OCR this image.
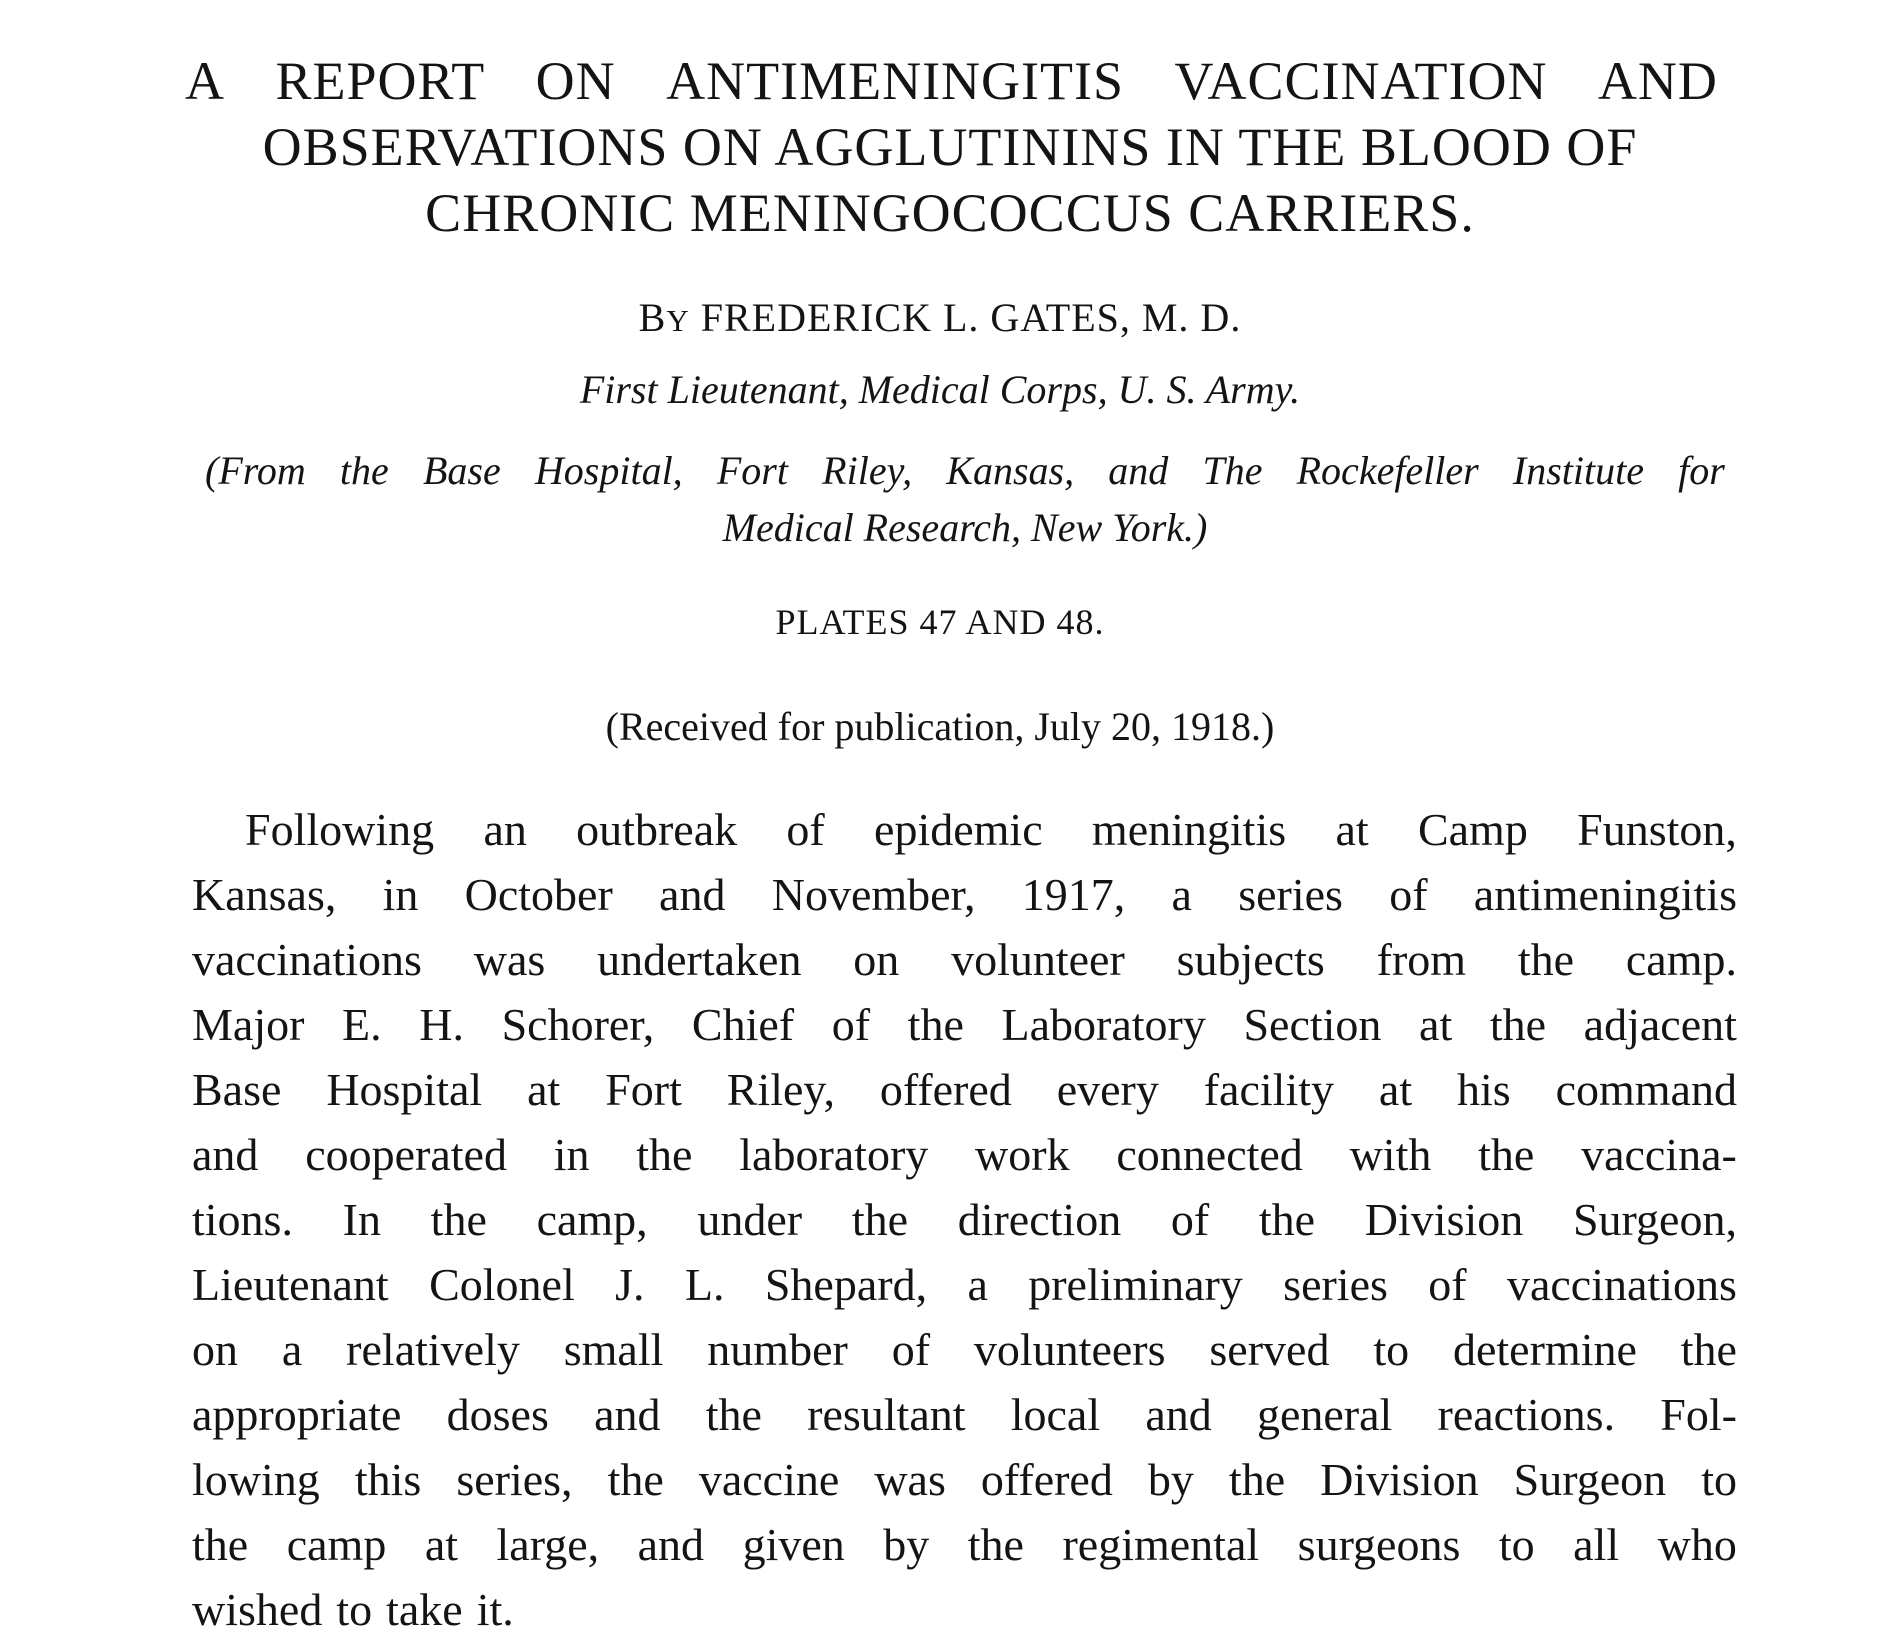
A REPORT ON ANTIMENINGITIS VACCINATION AND
OBSERVATIONS ON AGGLUTININS IN THE BLOOD OF
CHRONIC MENINGOCOCCUS CARRIERS.
BY FREDERICK L. GATES, M. D.
First Lieutenant, Medical Corps, U. S. Army.
(From the Base Hospital, Fort Riley, Kansas, and The Rockefeller Institute for
Medical Research, New York.)
PLATES 47 AND 48.
(Received for publication, July 20, 1918.)
Following an outbreak of epidemic meningitis at Camp Funston,
Kansas, in October and November, 1917, a series of antimeningitis
vaccinations was undertaken on volunteer subjects from the camp.
Major E. H. Schorer, Chief of the Laboratory Section at the adjacent
Base Hospital at Fort Riley, offered every facility at his command
and cooperated in the laboratory work connected with the vaccina-
tions. In the camp, under the direction of the Division Surgeon,
Lieutenant Colonel J. L. Shepard, a preliminary series of vaccinations
on a relatively small number of volunteers served to determine the
appropriate doses and the resultant local and general reactions. Fol-
lowing this series, the vaccine was offered by the Division Surgeon to
the camp at large, and given by the regimental surgeons to all who
wished to take it.
